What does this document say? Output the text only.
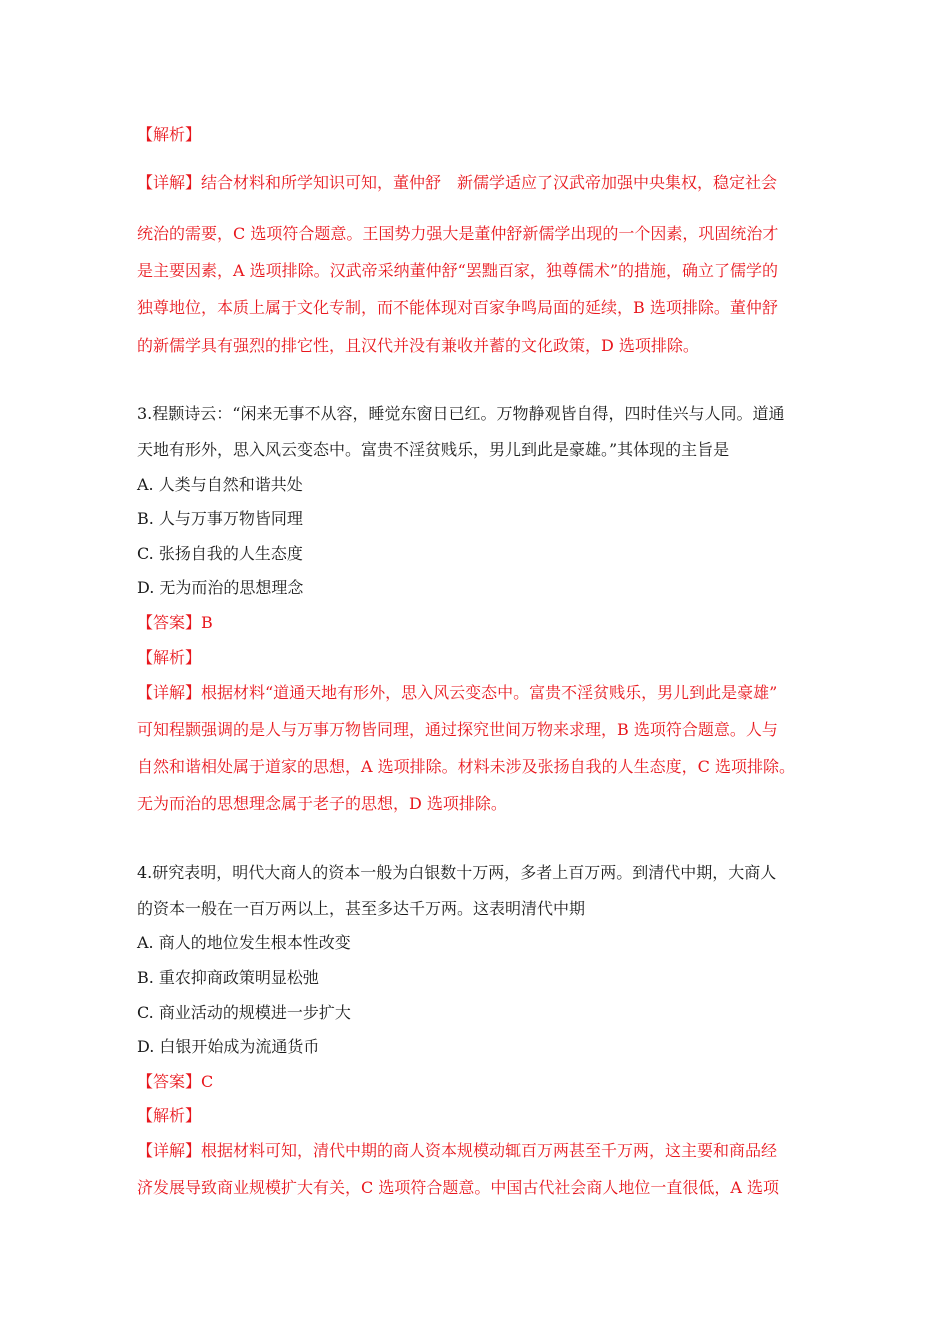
【解析】
【详解】结合材料和所学知识可知，董仲舒 新儒学适应了汉武帝加强中央集权，稳定社会
统治的需要，C 选项符合题意。王国势力强大是董仲舒新儒学出现的一个因素，巩固统治才
是主要因素，A 选项排除。汉武帝采纳董仲舒“罢黜百家，独尊儒术”的措施，确立了儒学的
独尊地位，本质上属于文化专制，而不能体现对百家争鸣局面的延续，B 选项排除。董仲舒
的新儒学具有强烈的排它性，且汉代并没有兼收并蓄的文化政策，D 选项排除。
3.程颢诗云：“闲来无事不从容，睡觉东窗日已红。万物静观皆自得，四时佳兴与人同。道通
天地有形外，思入风云变态中。富贵不淫贫贱乐，男儿到此是豪雄。”其体现的主旨是
A. 人类与自然和谐共处
B. 人与万事万物皆同理
C. 张扬自我的人生态度
D. 无为而治的思想理念
【答案】B
【解析】
【详解】根据材料“道通天地有形外，思入风云变态中。富贵不淫贫贱乐，男儿到此是豪雄”
可知程颢强调的是人与万事万物皆同理，通过探究世间万物来求理，B 选项符合题意。人与
自然和谐相处属于道家的思想，A 选项排除。材料未涉及张扬自我的人生态度，C 选项排除。
无为而治的思想理念属于老子的思想，D 选项排除。
4.研究表明，明代大商人的资本一般为白银数十万两，多者上百万两。到清代中期，大商人
的资本一般在一百万两以上，甚至多达千万两。这表明清代中期
A. 商人的地位发生根本性改变
B. 重农抑商政策明显松弛
C. 商业活动的规模进一步扩大
D. 白银开始成为流通货币
【答案】C
【解析】
【详解】根据材料可知，清代中期的商人资本规模动辄百万两甚至千万两，这主要和商品经
济发展导致商业规模扩大有关，C 选项符合题意。中国古代社会商人地位一直很低，A 选项
